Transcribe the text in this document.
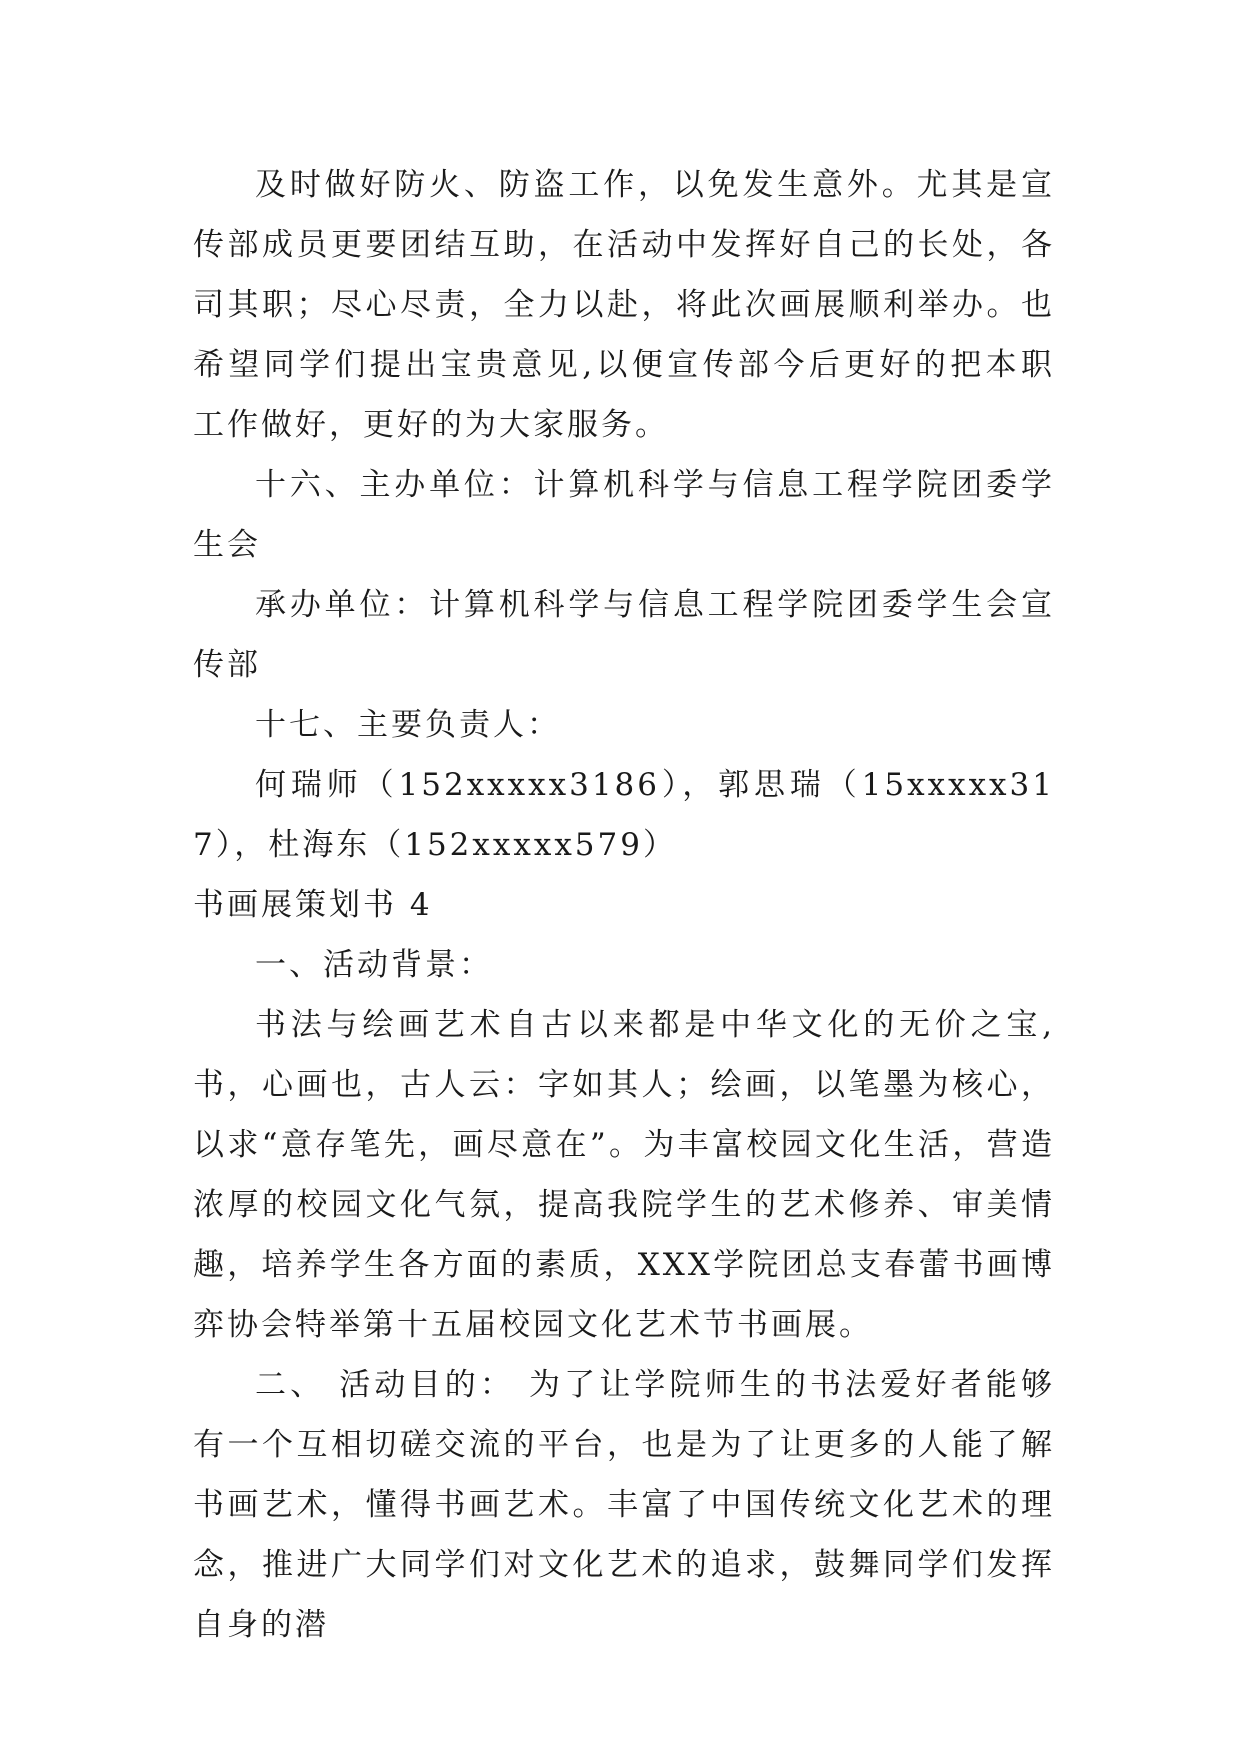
及时做好防火、防盗工作，以免发生意外。尤其是宣传部成员更要团结互助，在活动中发挥好自己的长处，各司其职；尽心尽责，全力以赴，将此次画展顺利举办。也希望同学们提出宝贵意见,以便宣传部今后更好的把本职工作做好，更好的为大家服务。

十六、主办单位：计算机科学与信息工程学院团委学生会

承办单位：计算机科学与信息工程学院团委学生会宣传部

十七、主要负责人：

何瑞师（152xxxxx3186），郭思瑞（15xxxxx317），杜海东（152xxxxx579）

书画展策划书 4

一、活动背景：

书法与绘画艺术自古以来都是中华文化的无价之宝,书，心画也，古人云：字如其人；绘画，以笔墨为核心，以求“意存笔先，画尽意在”。为丰富校园文化生活，营造浓厚的校园文化气氛，提高我院学生的艺术修养、审美情趣，培养学生各方面的素质，XXX学院团总支春蕾书画博弈协会特举第十五届校园文化艺术节书画展。

二、 活动目的： 为了让学院师生的书法爱好者能够有一个互相切磋交流的平台，也是为了让更多的人能了解书画艺术，懂得书画艺术。丰富了中国传统文化艺术的理念，推进广大同学们对文化艺术的追求，鼓舞同学们发挥自身的潜
